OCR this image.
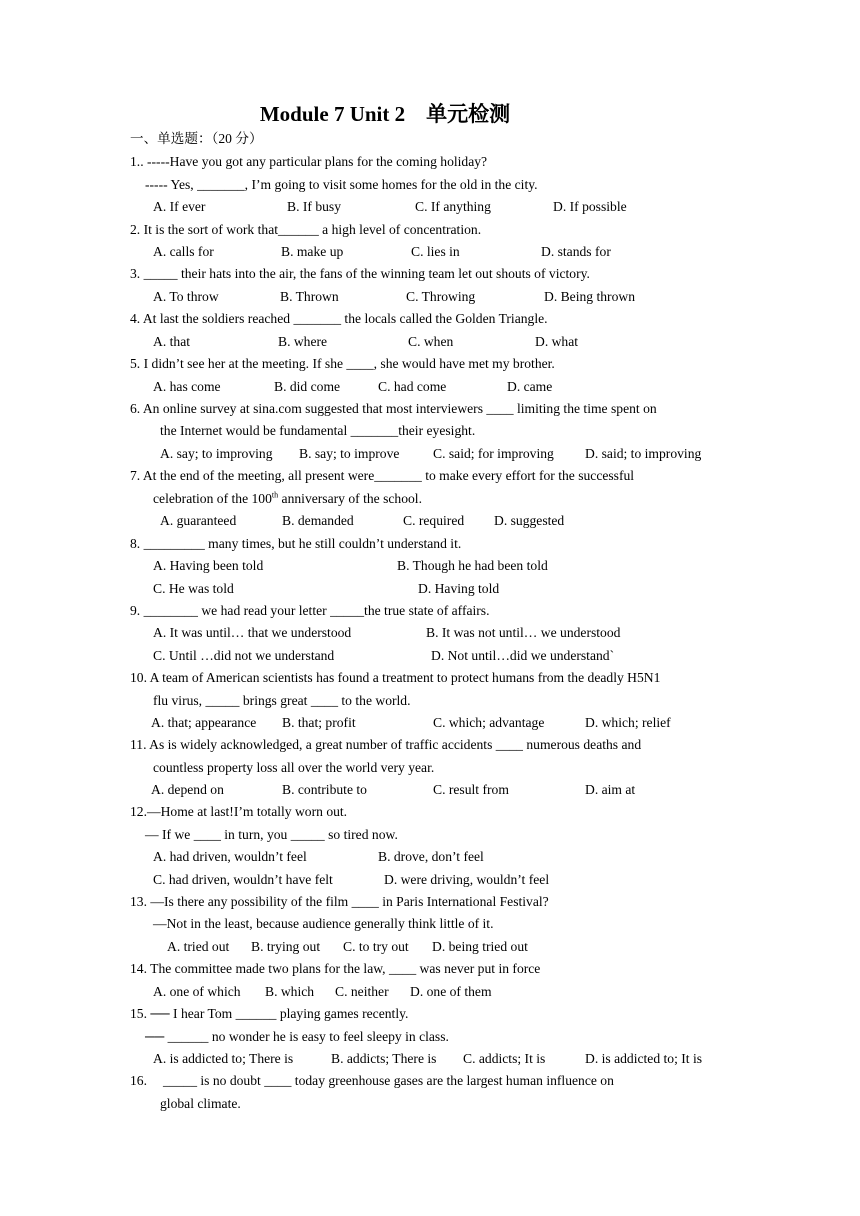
Module 7 Unit 2    单元检测
一、单选题：（20 分）
1.. -----Have you got any particular plans for the coming holiday?
----- Yes, _______, I’m going to visit some homes for the old in the city.
A. If ever	B. If busy	C. If anything	D. If possible
2. It is the sort of work that______ a high level of concentration.
A. calls for	B. make up	C. lies in	D. stands for
3. _____ their hats into the air, the fans of the winning team let out shouts of victory.
A. To throw	B. Thrown	C. Throwing	D. Being thrown
4. At last the soldiers reached _______ the locals called the Golden Triangle.
A. that	B. where	C. when	D. what
5. I didn’t see her at the meeting. If she ____, she would have met my brother.
A. has come	B. did come	C. had come	D. came
6. An online survey at sina.com suggested that most interviewers ____ limiting the time spent on
the Internet would be fundamental _______their eyesight.
A. say; to improving B. say; to improve C. said; for improving D. said; to improving
7. At the end of the meeting, all present were_______ to make every effort for the successful
celebration of the 100th anniversary of the school.
A. guaranteed	B. demanded	C. required D. suggested
8. _________ many times, but he still couldn’t understand it.
A. Having been told	B. Though he had been told
C. He was told	D. Having told
9. ________ we had read your letter _____the true state of affairs.
A. It was until… that we understood	B. It was not until… we understood
C. Until …did not we understand	D. Not until…did we understand`
10. A team of American scientists has found a treatment to protect humans from the deadly H5N1
flu virus, _____ brings great ____ to the world.
A. that; appearance B. that; profit	C. which; advantage	D. which; relief
11. As is widely acknowledged, a great number of traffic accidents ____ numerous deaths and
countless property loss all over the world very year.
A. depend on	B. contribute to	C. result from	D. aim at
12.—Home at last!I’m totally worn out.
— If we ____ in turn, you _____ so tired now.
A. had driven, wouldn’t feel	B. drove, don’t feel
C. had driven, wouldn’t have felt	D. were driving, wouldn’t feel
13. —Is there any possibility of the film ____ in Paris International Festival?
—Not in the least, because audience generally think little of it.
A. tried out B. trying out C. to try out D. being tried out
14. The committee made two plans for the law, ____ was never put in force
A. one of which B. which C. neither D. one of them
15. ── I hear Tom ______ playing games recently.
── ______ no wonder he is easy to feel sleepy in class.
A. is addicted to; There is	B. addicts; There is C. addicts; It is	D. is addicted to; It is
16. _____ is no doubt ____ today greenhouse gases are the largest human influence on
global climate.
